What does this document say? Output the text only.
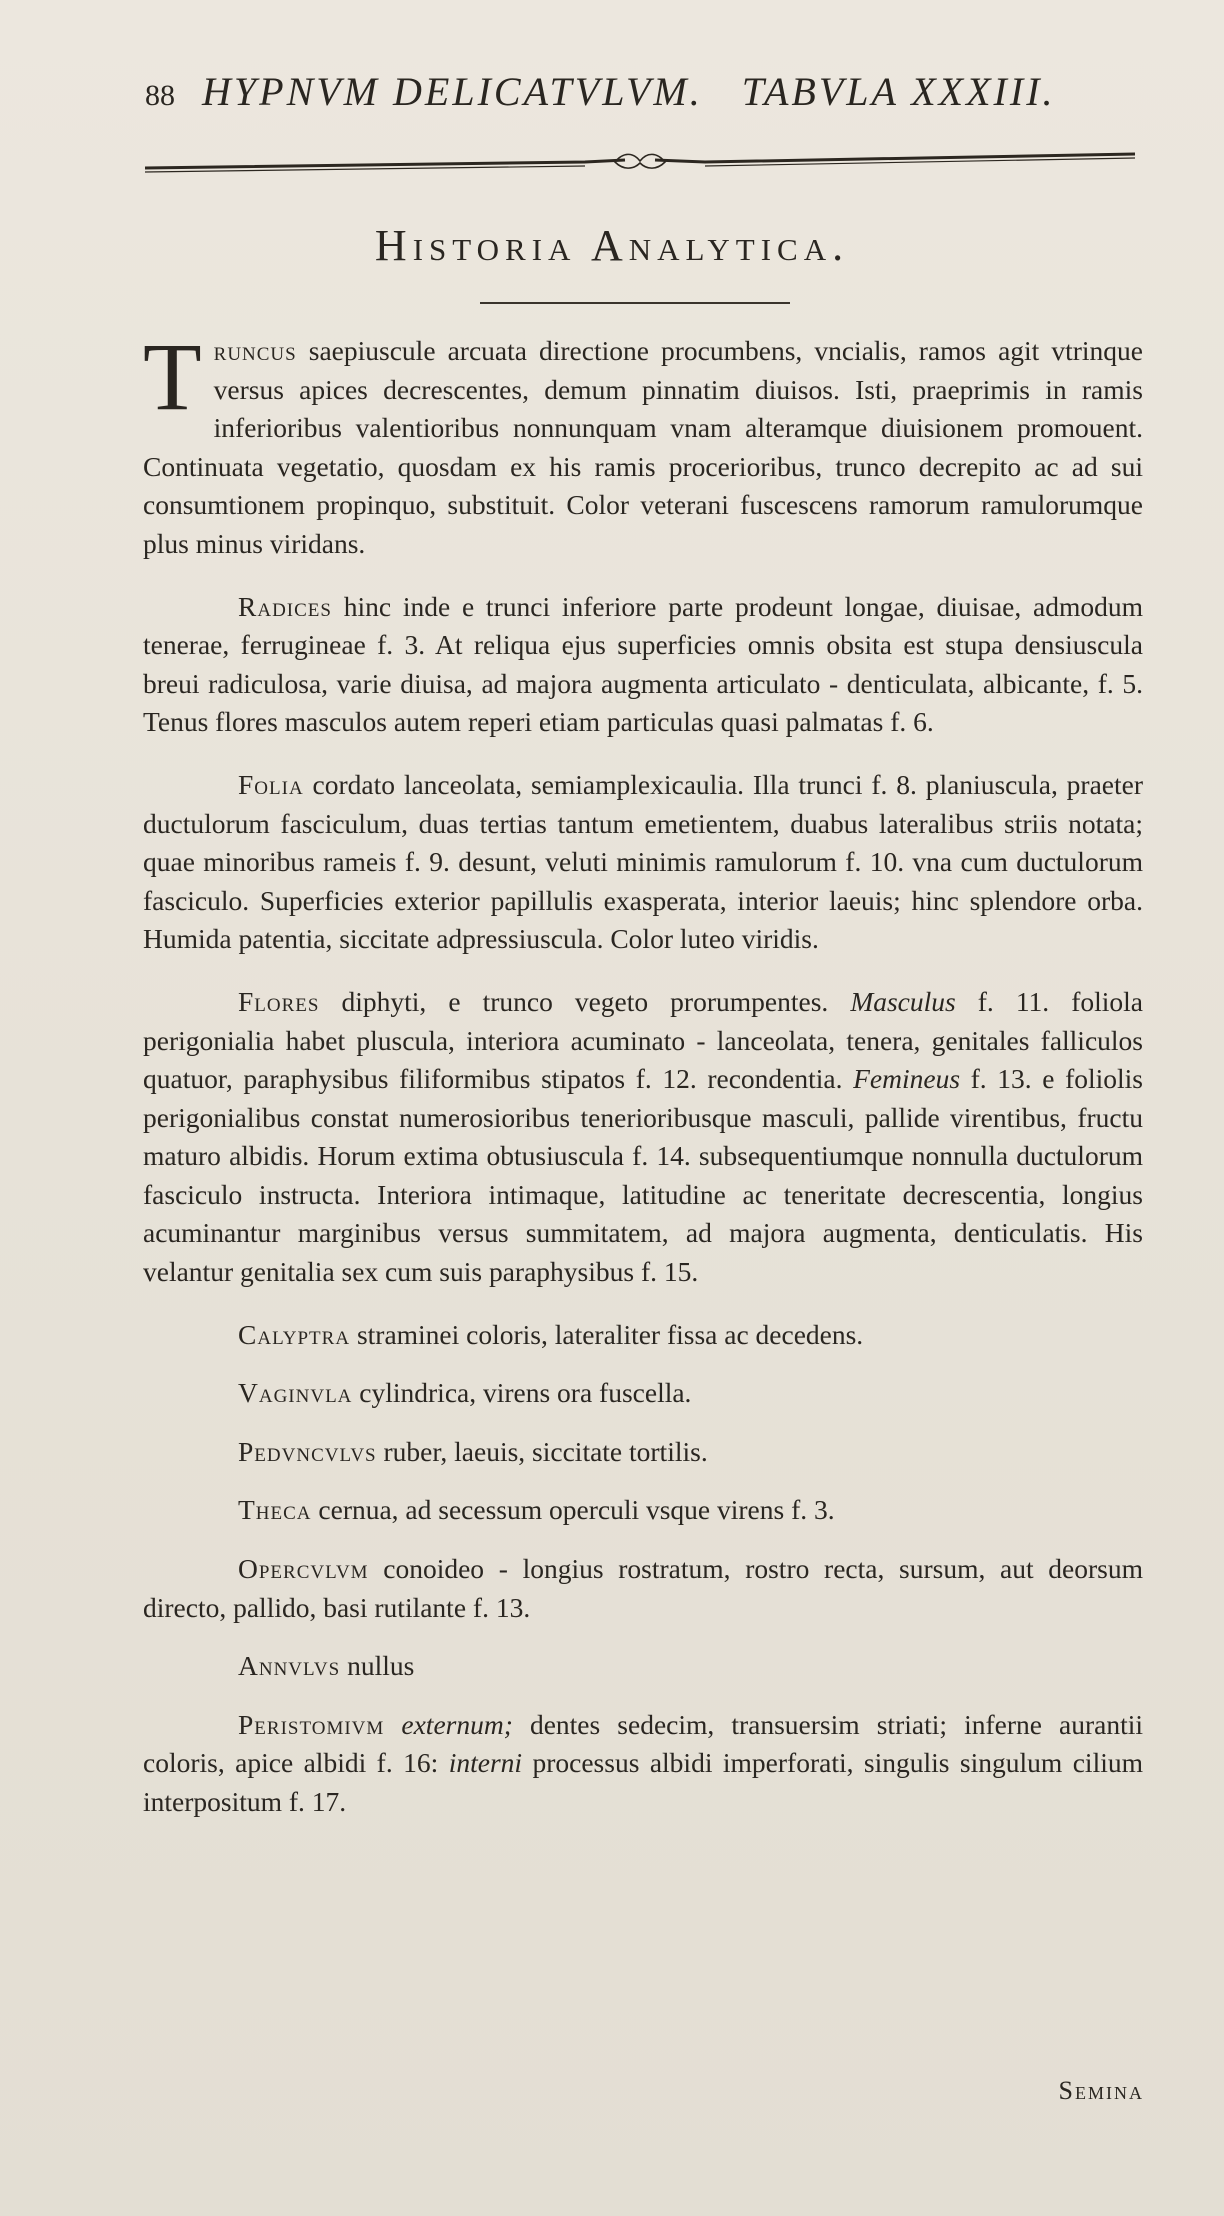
88 HYPNVM DELICATVLVM.   TABVLA XXXIII.
Historia Analytica.

Truncus saepiuscule arcuata directione procumbens, vncialis, ramos agit vtrinque versus apices decrescentes, demum pinnatim diuisos. Isti, praeprimis in ramis inferioribus valentioribus nonnunquam vnam alteramque diuisionem promouent. Continuata vegetatio, quosdam ex his ramis procerioribus, trunco decrepito ac ad sui consumtionem propinquo, substituit. Color veterani fuscescens ramorum ramulorumque plus minus viridans.

Radices hinc inde e trunci inferiore parte prodeunt longae, diuisae, admodum tenerae, ferrugineae f. 3. At reliqua ejus superficies omnis obsita est stupa densiuscula breui radiculosa, varie diuisa, ad majora augmenta articulato - denticulata, albicante, f. 5. Tenus flores masculos autem reperi etiam particulas quasi palmatas f. 6.

Folia cordato lanceolata, semiamplexicaulia. Illa trunci f. 8. planiuscula, praeter ductulorum fasciculum, duas tertias tantum emetientem, duabus lateralibus striis notata; quae minoribus rameis f. 9. desunt, veluti minimis ramulorum f. 10. vna cum ductulorum fasciculo. Superficies exterior papillulis exasperata, interior laeuis; hinc splendore orba. Humida patentia, siccitate adpressiuscula. Color luteo viridis.

Flores diphyti, e trunco vegeto prorumpentes. Masculus f. 11. foliola perigonialia habet pluscula, interiora acuminato - lanceolata, tenera, genitales falliculos quatuor, paraphysibus filiformibus stipatos f. 12. recondentia. Femineus f. 13. e foliolis perigonialibus constat numerosioribus tenerioribusque masculi, pallide virentibus, fructu maturo albidis. Horum extima obtusiuscula f. 14. subsequentiumque nonnulla ductulorum fasciculo instructa. Interiora intimaque, latitudine ac teneritate decrescentia, longius acuminantur marginibus versus summitatem, ad majora augmenta, denticulatis. His velantur genitalia sex cum suis paraphysibus f. 15.

Calyptra straminei coloris, lateraliter fissa ac decedens.

Vaginvla cylindrica, virens ora fuscella.

Pedvncvlvs ruber, laeuis, siccitate tortilis.

Theca cernua, ad secessum operculi vsque virens f. 3.

Opercvlvm conoideo - longius rostratum, rostro recta, sursum, aut deorsum directo, pallido, basi rutilante f. 13.

Annvlvs nullus

Peristomivm externum; dentes sedecim, transuersim striati; inferne aurantii coloris, apice albidi f. 16: interni processus albidi imperforati, singulis singulum cilium interpositum f. 17.

Semina
